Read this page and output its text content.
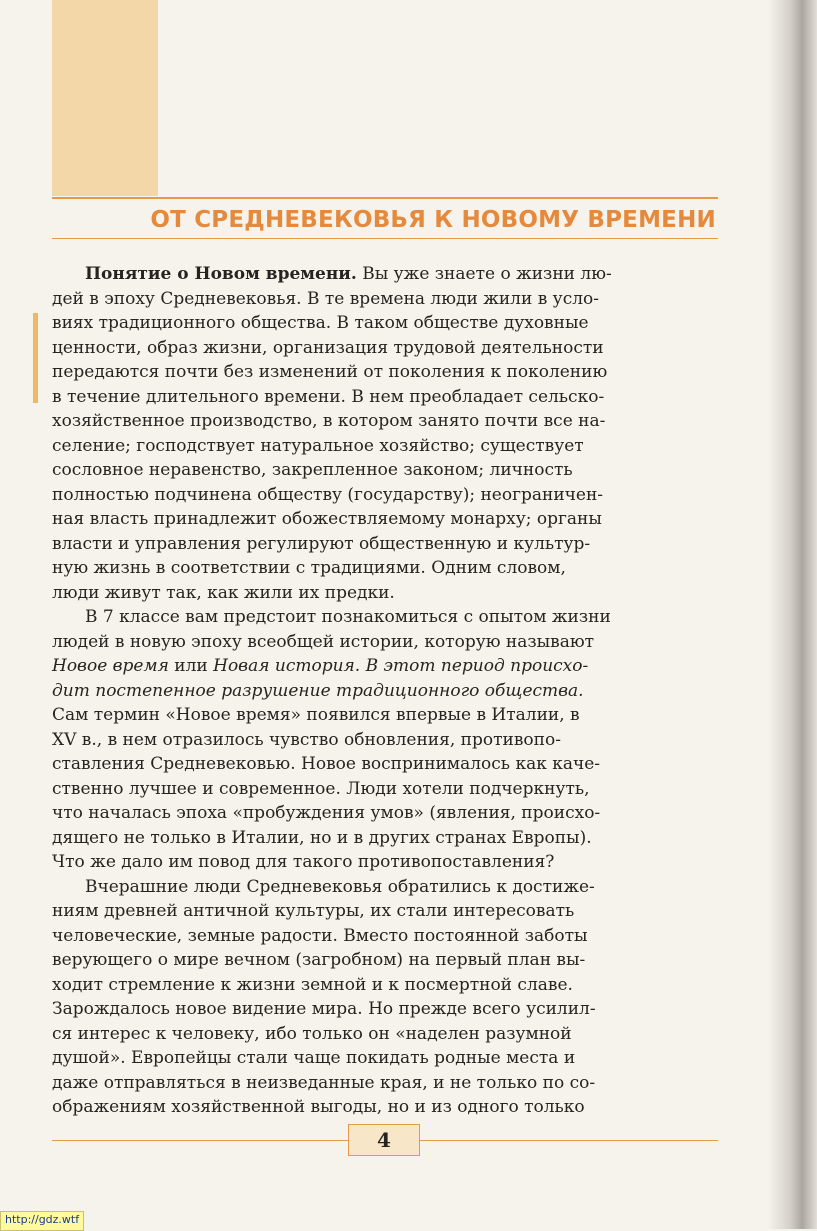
ОТ СРЕДНЕВЕКОВЬЯ К НОВОМУ ВРЕМЕНИ
Понятие о Новом времени. Вы уже знаете о жизни лю-
дей в эпоху Средневековья. В те времена люди жили в усло-
виях традиционного общества. В таком обществе духовные
ценности, образ жизни, организация трудовой деятельности
передаются почти без изменений от поколения к поколению
в течение длительного времени. В нем преобладает сельско-
хозяйственное производство, в котором занято почти все на-
селение; господствует натуральное хозяйство; существует
сословное неравенство, закрепленное законом; личность
полностью подчинена обществу (государству); неограничен-
ная власть принадлежит обожествляемому монарху; органы
власти и управления регулируют общественную и культур-
ную жизнь в соответствии с традициями. Одним словом,
люди живут так, как жили их предки.
В 7 классе вам предстоит познакомиться с опытом жизни
людей в новую эпоху всеобщей истории, которую называют
Новое время или Новая история. В этот период происхо-
дит постепенное разрушение традиционного общества.
Сам термин «Новое время» появился впервые в Италии, в
XV в., в нем отразилось чувство обновления, противопо-
ставления Средневековью. Новое воспринималось как каче-
ственно лучшее и современное. Люди хотели подчеркнуть,
что началась эпоха «пробуждения умов» (явления, происхо-
дящего не только в Италии, но и в других странах Европы).
Что же дало им повод для такого противопоставления?
Вчерашние люди Средневековья обратились к достиже-
ниям древней античной культуры, их стали интересовать
человеческие, земные радости. Вместо постоянной заботы
верующего о мире вечном (загробном) на первый план вы-
ходит стремление к жизни земной и к посмертной славе.
Зарождалось новое видение мира. Но прежде всего усилил-
ся интерес к человеку, ибо только он «наделен разумной
душой». Европейцы стали чаще покидать родные места и
даже отправляться в неизведанные края, и не только по со-
ображениям хозяйственной выгоды, но и из одного только
4
http://gdz.wtf
